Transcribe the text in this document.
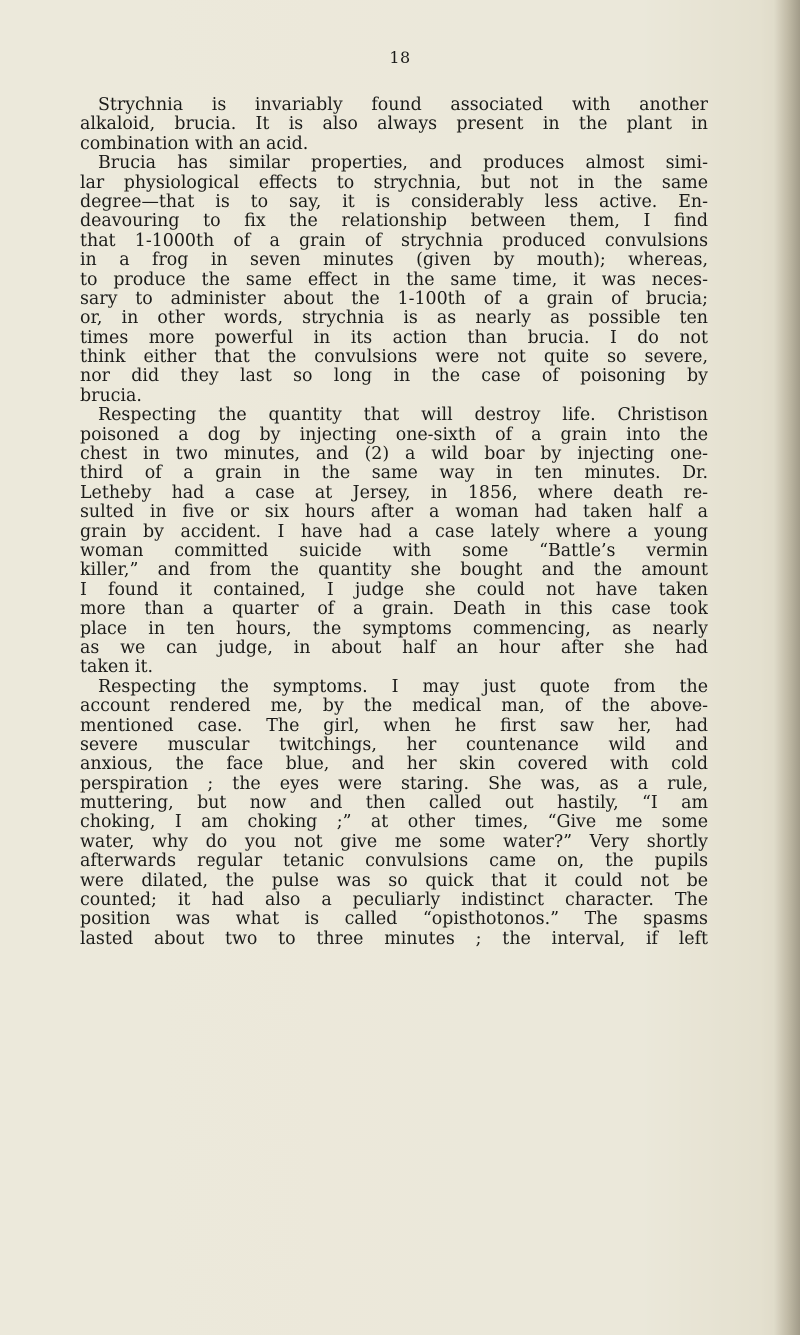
18

Strychnia is invariably found associated with another
alkaloid, brucia. It is also always present in the plant in
combination with an acid.
Brucia has similar properties, and produces almost simi-
lar physiological effects to strychnia, but not in the same
degree—that is to say, it is considerably less active. En-
deavouring to fix the relationship between them, I find
that 1-1000th of a grain of strychnia produced convulsions
in a frog in seven minutes (given by mouth); whereas,
to produce the same effect in the same time, it was neces-
sary to administer about the 1-100th of a grain of brucia;
or, in other words, strychnia is as nearly as possible ten
times more powerful in its action than brucia. I do not
think either that the convulsions were not quite so severe,
nor did they last so long in the case of poisoning by
brucia.
Respecting the quantity that will destroy life. Christison
poisoned a dog by injecting one-sixth of a grain into the
chest in two minutes, and (2) a wild boar by injecting one-
third of a grain in the same way in ten minutes. Dr.
Letheby had a case at Jersey, in 1856, where death re-
sulted in five or six hours after a woman had taken half a
grain by accident. I have had a case lately where a young
woman committed suicide with some “Battle’s vermin
killer,” and from the quantity she bought and the amount
I found it contained, I judge she could not have taken
more than a quarter of a grain. Death in this case took
place in ten hours, the symptoms commencing, as nearly
as we can judge, in about half an hour after she had
taken it.
Respecting the symptoms. I may just quote from the
account rendered me, by the medical man, of the above-
mentioned case. The girl, when he first saw her, had
severe muscular twitchings, her countenance wild and
anxious, the face blue, and her skin covered with cold
perspiration ; the eyes were staring. She was, as a rule,
muttering, but now and then called out hastily, “I am
choking, I am choking ;” at other times, “Give me some
water, why do you not give me some water?” Very shortly
afterwards regular tetanic convulsions came on, the pupils
were dilated, the pulse was so quick that it could not be
counted; it had also a peculiarly indistinct character. The
position was what is called “opisthotonos.” The spasms
lasted about two to three minutes ; the interval, if left
